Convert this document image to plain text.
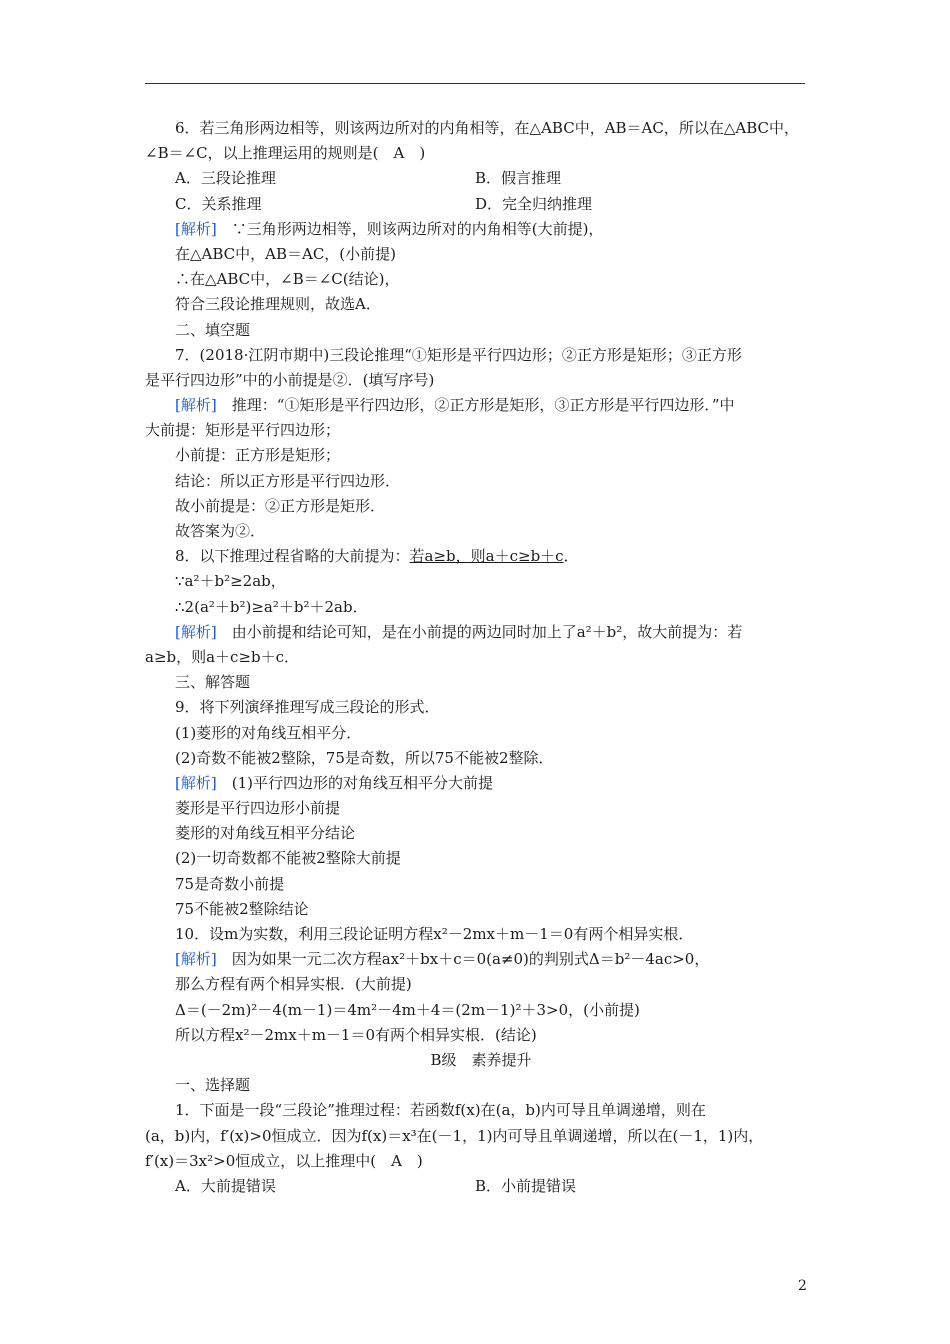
6．若三角形两边相等，则该两边所对的内角相等，在△ABC中，AB＝AC，所以在△ABC中，
∠B＝∠C，以上推理运用的规则是(　A　)
A．三段论推理	B．假言推理
C．关系推理	D．完全归纳推理
[解析]　∵三角形两边相等，则该两边所对的内角相等(大前提)，
在△ABC中，AB＝AC，(小前提)
∴在△ABC中，∠B＝∠C(结论)，
符合三段论推理规则，故选A．
二、填空题
7．(2018·江阴市期中)三段论推理“①矩形是平行四边形；②正方形是矩形；③正方形
是平行四边形”中的小前提是②．(填写序号)
[解析]　推理：“①矩形是平行四边形，②正方形是矩形，③正方形是平行四边形．”中
大前提：矩形是平行四边形；
小前提：正方形是矩形；
结论：所以正方形是平行四边形．
故小前提是：②正方形是矩形．
故答案为②．
8．以下推理过程省略的大前提为：若a≥b，则a＋c≥b＋c．
∵a²＋b²≥2ab，
∴2(a²＋b²)≥a²＋b²＋2ab．
[解析]　由小前提和结论可知，是在小前提的两边同时加上了a²＋b²，故大前提为：若
a≥b，则a＋c≥b＋c．
三、解答题
9．将下列演绎推理写成三段论的形式．
(1)菱形的对角线互相平分．
(2)奇数不能被2整除，75是奇数，所以75不能被2整除．
[解析]　(1)平行四边形的对角线互相平分大前提
菱形是平行四边形小前提
菱形的对角线互相平分结论
(2)一切奇数都不能被2整除大前提
75是奇数小前提
75不能被2整除结论
10．设m为实数，利用三段论证明方程x²－2mx＋m－1＝0有两个相异实根．
[解析]　因为如果一元二次方程ax²＋bx＋c＝0(a≠0)的判别式Δ＝b²－4ac>0，
那么方程有两个相异实根．(大前提)
Δ＝(－2m)²－4(m－1)＝4m²－4m＋4＝(2m－1)²＋3>0，(小前提)
所以方程x²－2mx＋m－1＝0有两个相异实根．(结论)
B级　素养提升
一、选择题
1．下面是一段“三段论”推理过程：若函数f(x)在(a，b)内可导且单调递增，则在
(a，b)内，f′(x)>0恒成立．因为f(x)＝x³在(－1，1)内可导且单调递增，所以在(－1，1)内，
f′(x)＝3x²>0恒成立，以上推理中(　A　)
A．大前提错误	B．小前提错误
2
